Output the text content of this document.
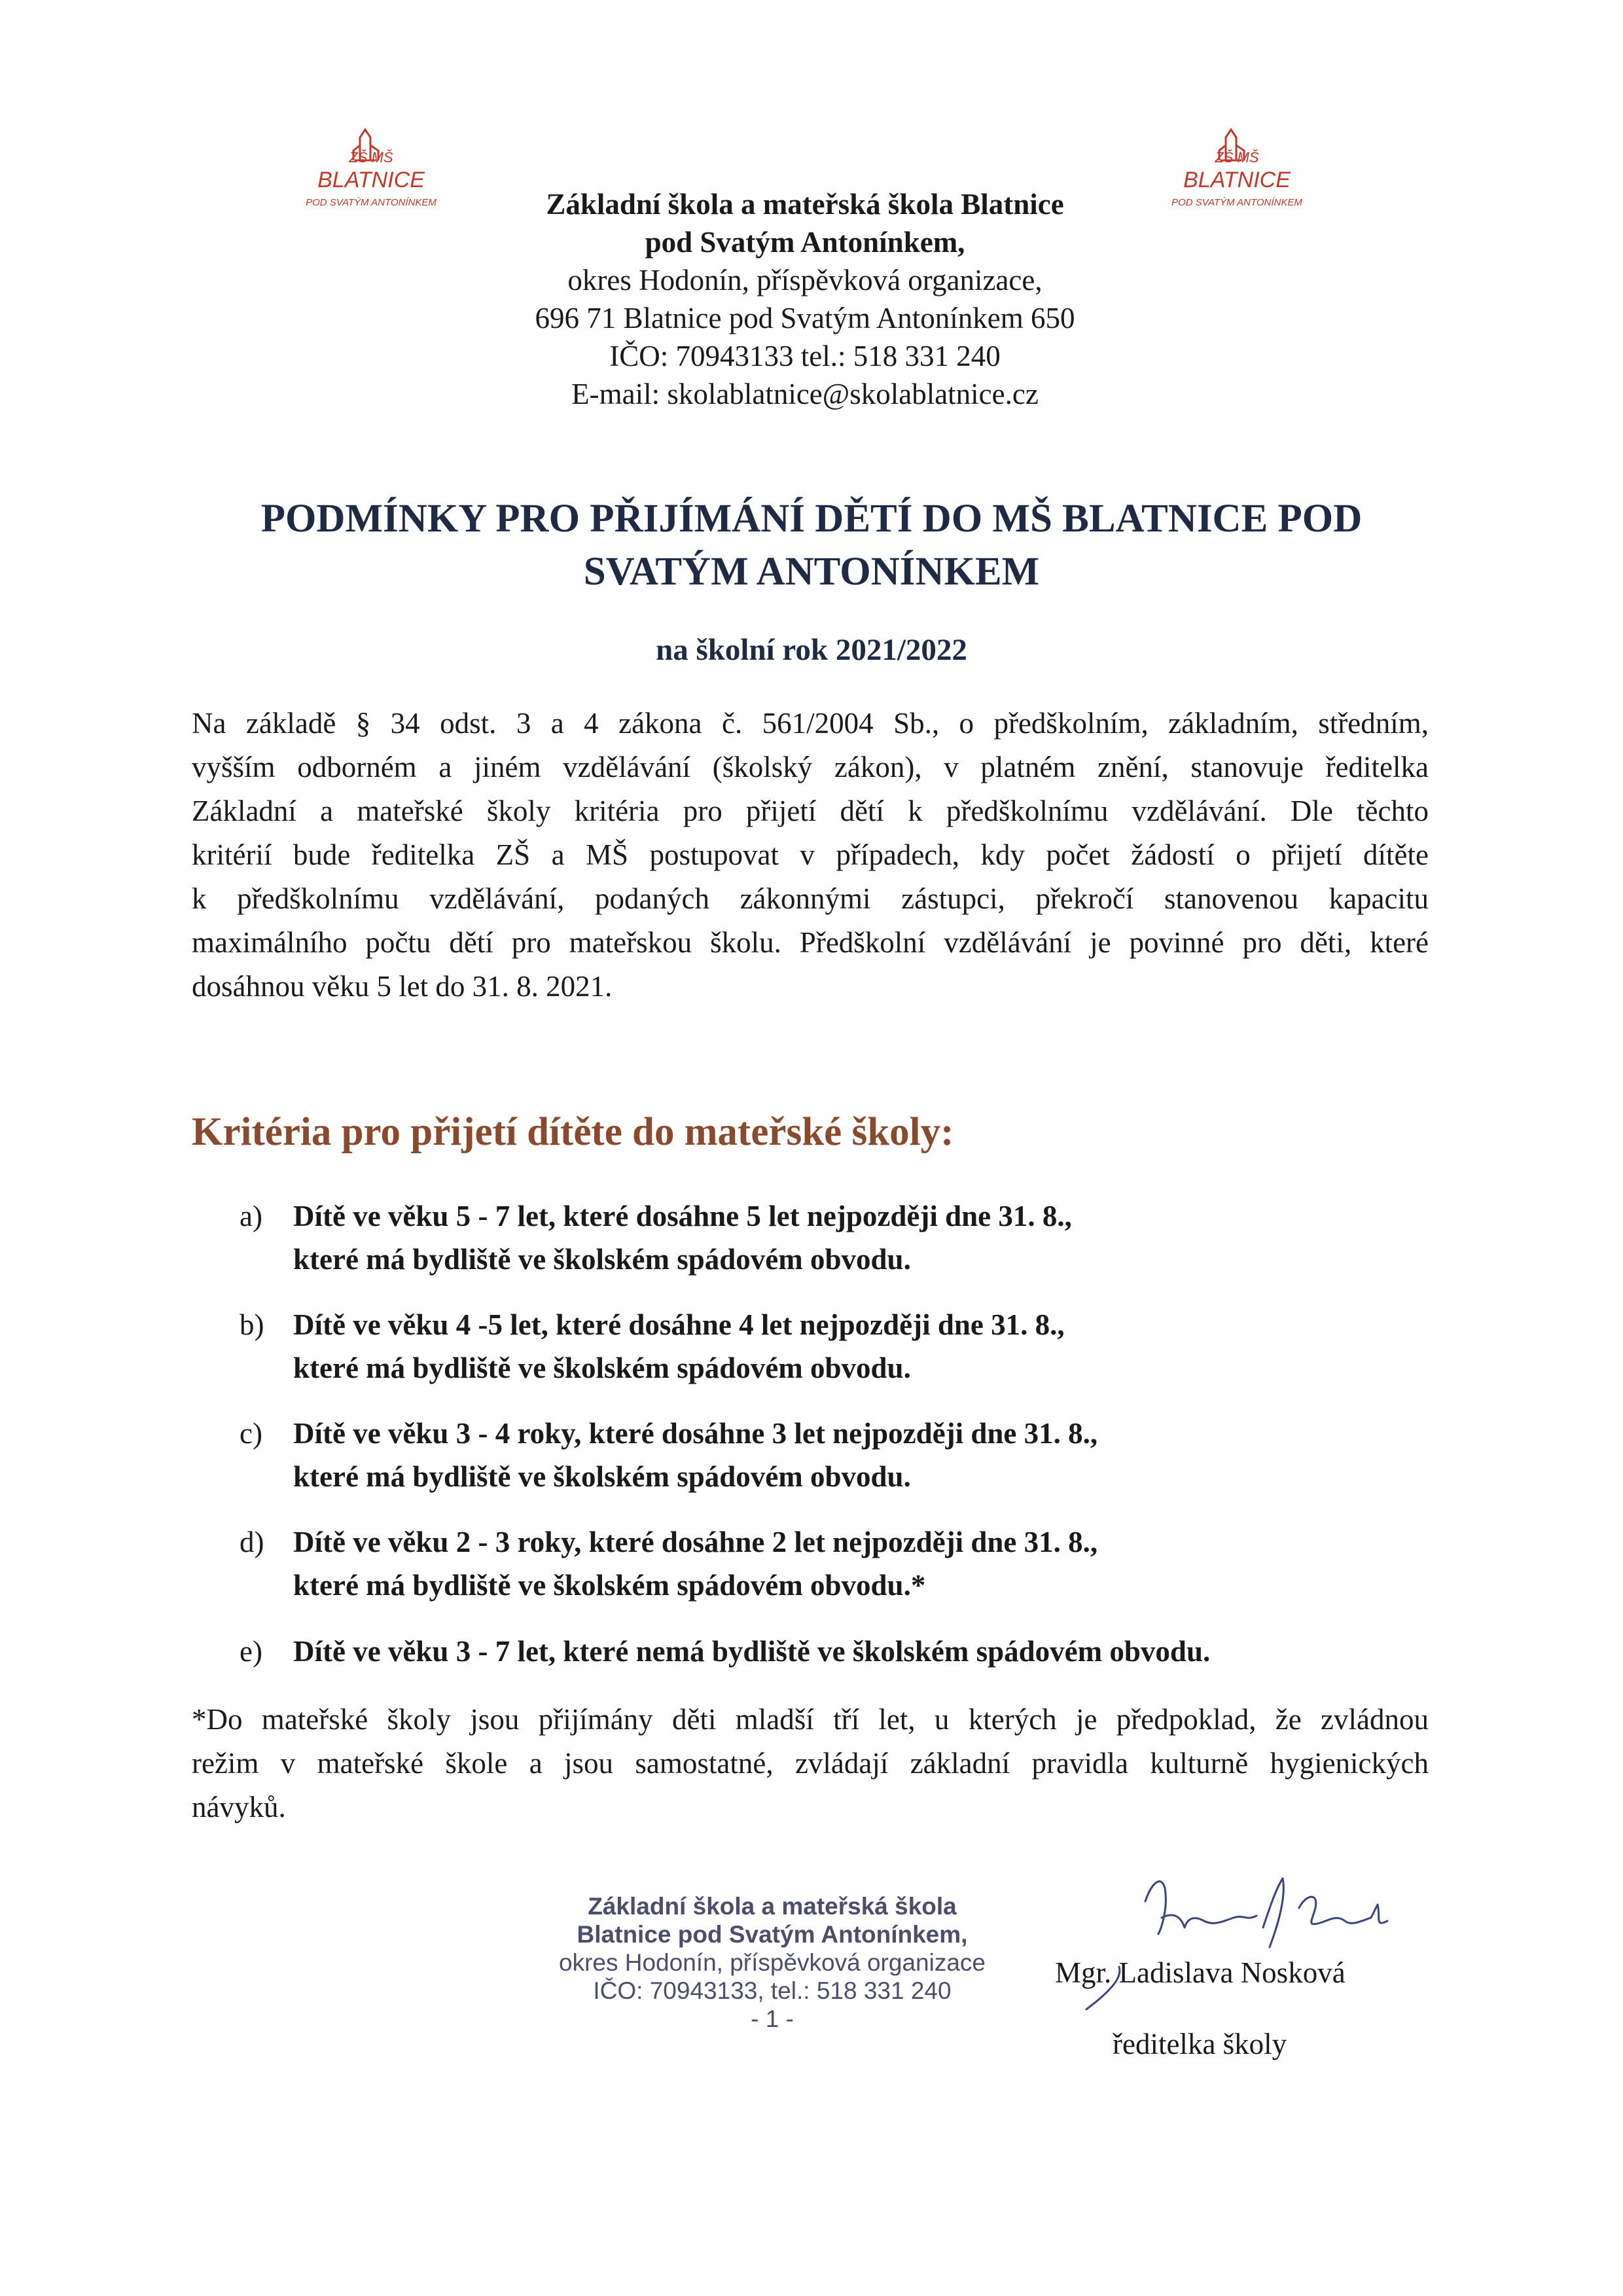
ZŠ MŠ
BLATNICE
POD SVATÝM ANTONÍNKEM
ZŠ MŠ
BLATNICE
POD SVATÝM ANTONÍNKEM
Základní škola a mateřská škola Blatnice
pod Svatým Antonínkem,
okres Hodonín, příspěvková organizace,
696 71 Blatnice pod Svatým Antonínkem 650
IČO: 70943133 tel.: 518 331 240
E-mail: skolablatnice@skolablatnice.cz
PODMÍNKY PRO PŘIJÍMÁNÍ DĚTÍ DO MŠ BLATNICE POD
SVATÝM ANTONÍNKEM
na školní rok 2021/2022
Na základě § 34 odst. 3 a 4 zákona č. 561/2004 Sb., o předškolním, základním, středním,
vyšším odborném a jiném vzdělávání (školský zákon), v platném znění, stanovuje ředitelka
Základní a mateřské školy kritéria pro přijetí dětí k předškolnímu vzdělávání. Dle těchto
kritérií bude ředitelka ZŠ a MŠ postupovat v případech, kdy počet žádostí o přijetí dítěte
k předškolnímu vzdělávání, podaných zákonnými zástupci, překročí stanovenou kapacitu
maximálního počtu dětí pro mateřskou školu. Předškolní vzdělávání je povinné pro děti, které
dosáhnou věku 5 let do 31. 8. 2021.
Kritéria pro přijetí dítěte do mateřské školy:
a)	Dítě ve věku 5 - 7 let, které dosáhne 5 let nejpozději dne 31. 8.,
které má bydliště ve školském spádovém obvodu.
b) Dítě ve věku 4 -5 let, které dosáhne 4 let nejpozději dne 31. 8.,
které má bydliště ve školském spádovém obvodu.
c)	Dítě ve věku 3 - 4 roky, které dosáhne 3 let nejpozději dne 31. 8.,
které má bydliště ve školském spádovém obvodu.
d) Dítě ve věku 2 - 3 roky, které dosáhne 2 let nejpozději dne 31. 8.,
které má bydliště ve školském spádovém obvodu.*
e)	Dítě ve věku 3 - 7 let, které nemá bydliště ve školském spádovém obvodu.
*Do mateřské školy jsou přijímány děti mladší tří let, u kterých je předpoklad, že zvládnou
režim v mateřské škole a jsou samostatné, zvládají základní pravidla kulturně hygienických
návyků.
Základní škola a mateřská škola
Blatnice pod Svatým Antonínkem,
okres Hodonín, příspěvková organizace
IČO: 70943133, tel.: 518 331 240
- 1 -
Mgr. Ladislava Nosková
ředitelka školy
